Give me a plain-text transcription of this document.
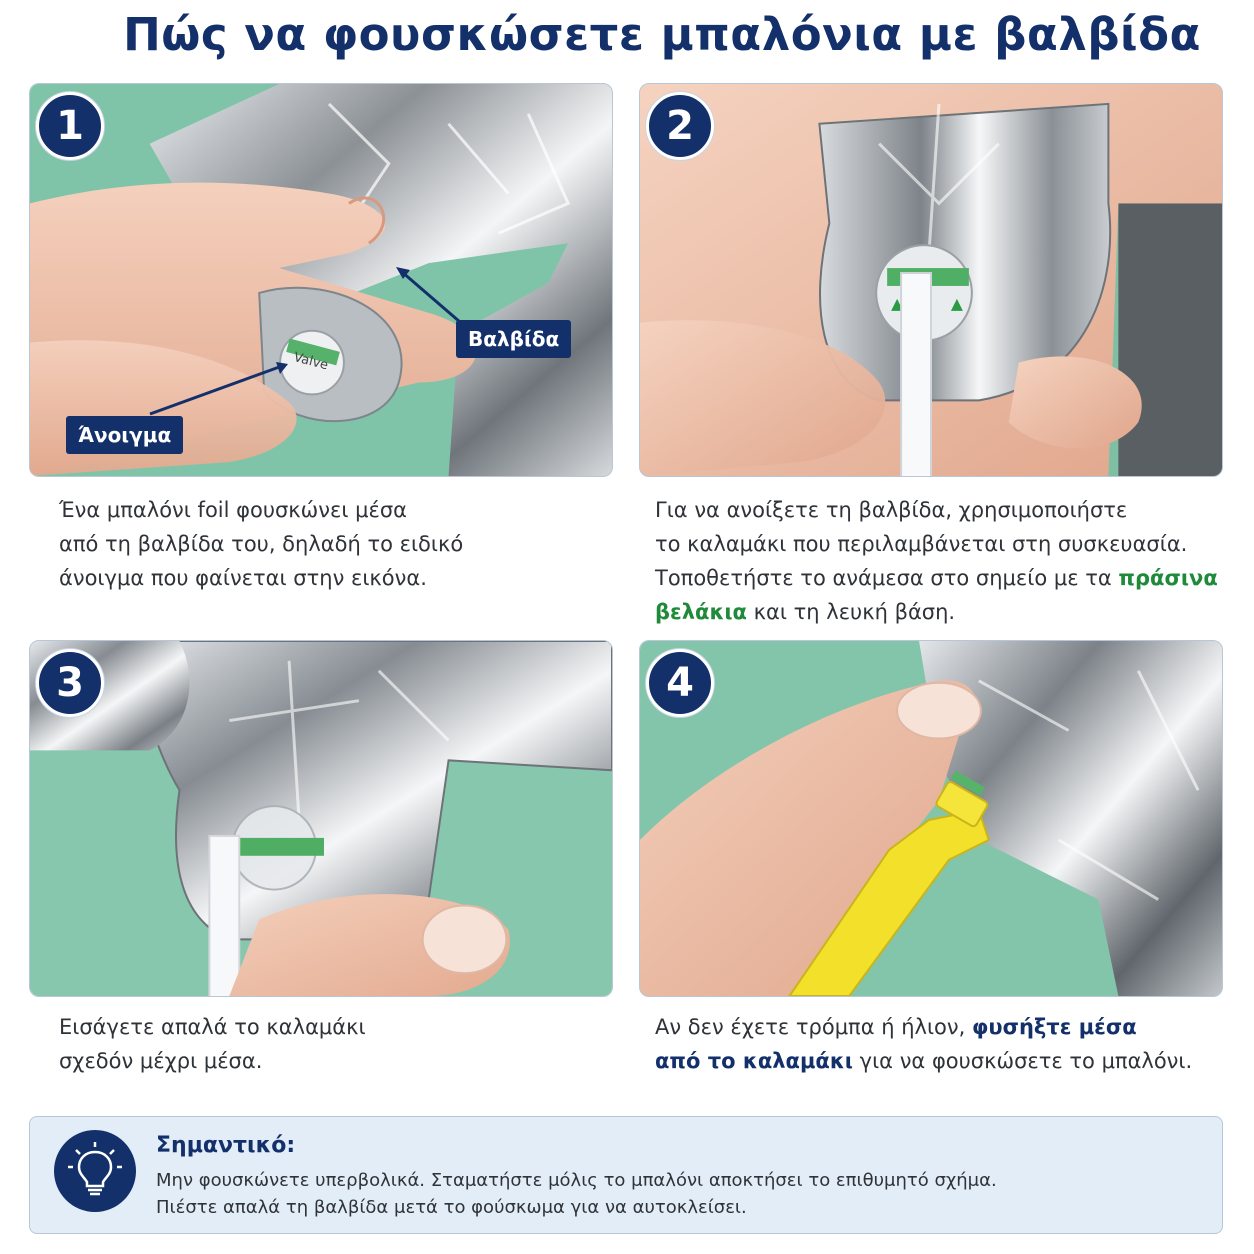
Πώς να φουσκώσετε μπαλόνια με βαλβίδα
Valve
1
Βαλβίδα
Άνοιγμα
Ένα μπαλόνι foil φουσκώνει μέσα
από τη βαλβίδα του, δηλαδή το ειδικό
άνοιγμα που φαίνεται στην εικόνα.
2
Για να ανοίξετε τη βαλβίδα, χρησιμοποιήστε
το καλαμάκι που περιλαμβάνεται στη συσκευασία.
Τοποθετήστε το ανάμεσα στο σημείο με τα πράσινα
βελάκια και τη λευκή βάση.
3
Εισάγετε απαλά το καλαμάκι
σχεδόν μέχρι μέσα.
4
Αν δεν έχετε τρόμπα ή ήλιον, φυσήξτε μέσα
από το καλαμάκι για να φουσκώσετε το μπαλόνι.
Σημαντικό:
Μην φουσκώνετε υπερβολικά. Σταματήστε μόλις το μπαλόνι αποκτήσει το επιθυμητό σχήμα.
Πιέστε απαλά τη βαλβίδα μετά το φούσκωμα για να αυτοκλείσει.
